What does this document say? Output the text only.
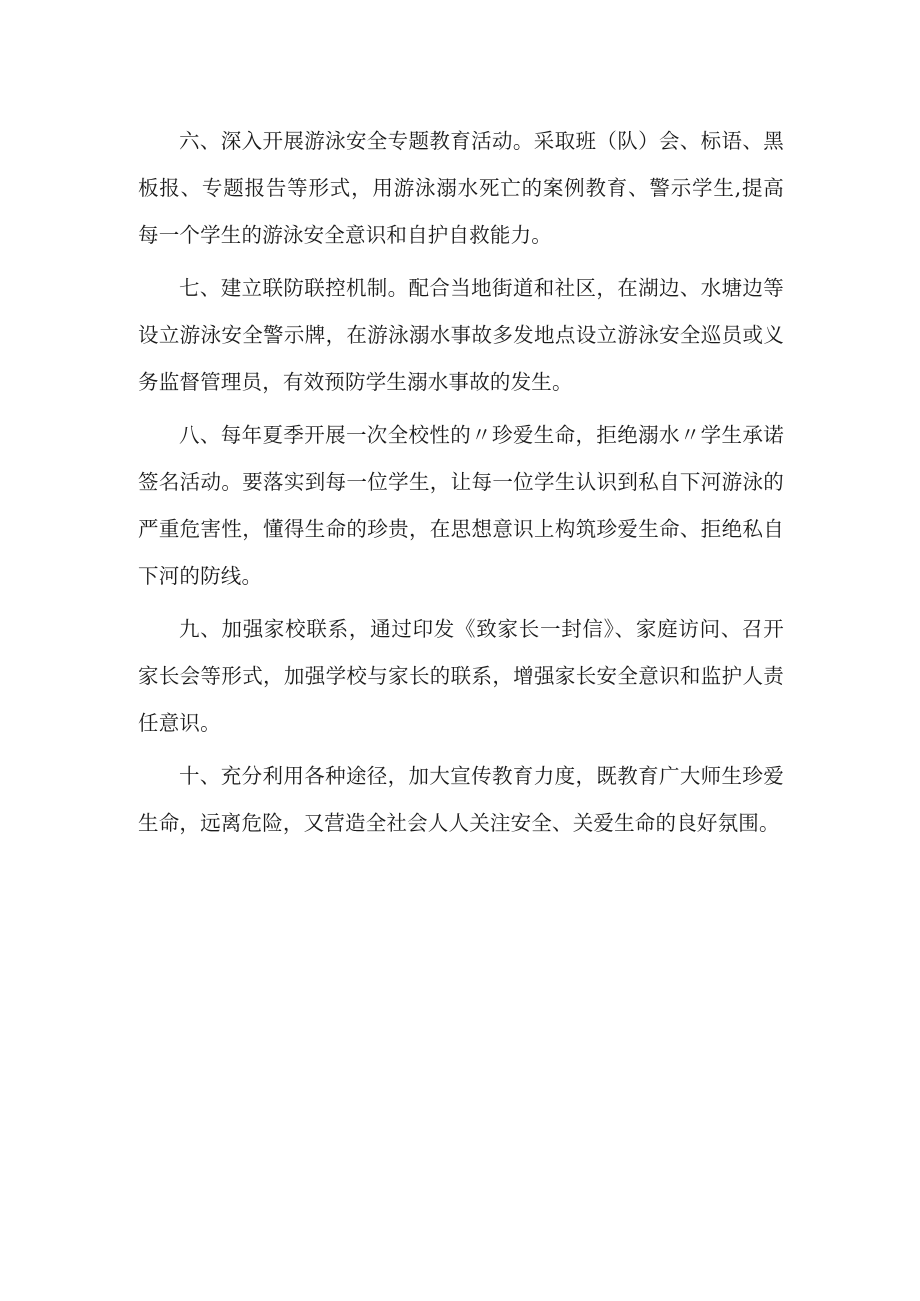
六、深入开展游泳安全专题教育活动。采取班（队）会、标语、黑板报、专题报告等形式，用游泳溺水死亡的案例教育、警示学生,提高每一个学生的游泳安全意识和自护自救能力。

七、建立联防联控机制。配合当地街道和社区，在湖边、水塘边等设立游泳安全警示牌，在游泳溺水事故多发地点设立游泳安全巡员或义务监督管理员，有效预防学生溺水事故的发生。

八、每年夏季开展一次全校性的〃珍爱生命，拒绝溺水〃学生承诺签名活动。要落实到每一位学生，让每一位学生认识到私自下河游泳的严重危害性，懂得生命的珍贵，在思想意识上构筑珍爱生命、拒绝私自下河的防线。

九、加强家校联系，通过印发《致家长一封信》、家庭访问、召开家长会等形式，加强学校与家长的联系，增强家长安全意识和监护人责任意识。

十、充分利用各种途径，加大宣传教育力度，既教育广大师生珍爱生命，远离危险，又营造全社会人人关注安全、关爱生命的良好氛围。
